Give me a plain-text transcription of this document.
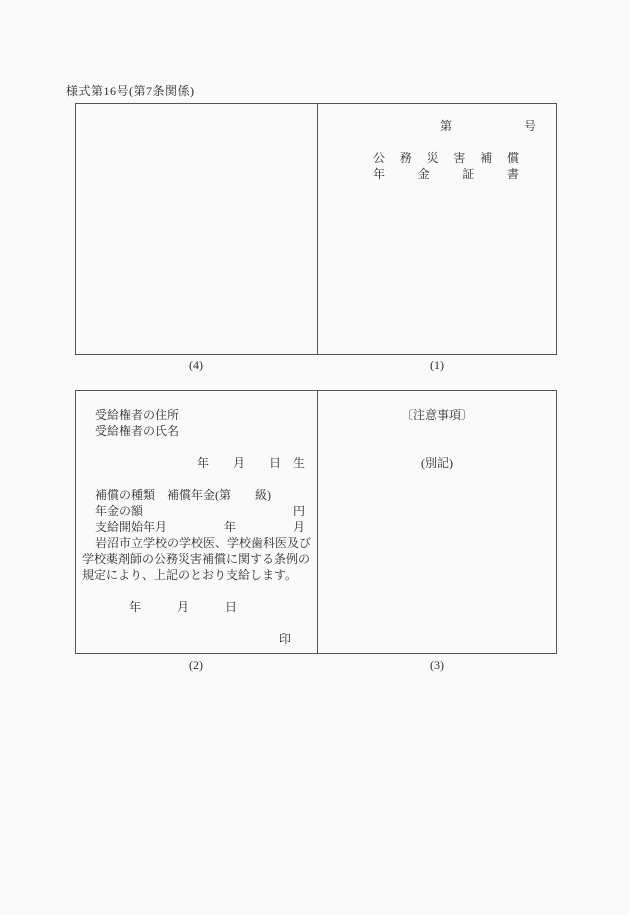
様式第16号(第7条関係)
第　　　　　　号
公　務　災　害　補　償
年　　金　　証　　書
(4)	(1)
受給権者の住所
受給権者の氏名
年　　月　　日　生
補償の種類　補償年金(第　　級)
年金の額	円
支給開始年月	年	月
岩沼市立学校の学校医、学校歯科医及び
学校薬剤師の公務災害補償に関する条例の
規定により、上記のとおり支給します。
年　　　月　　　日
印
〔注意事項〕
(別記)
(2)	(3)
